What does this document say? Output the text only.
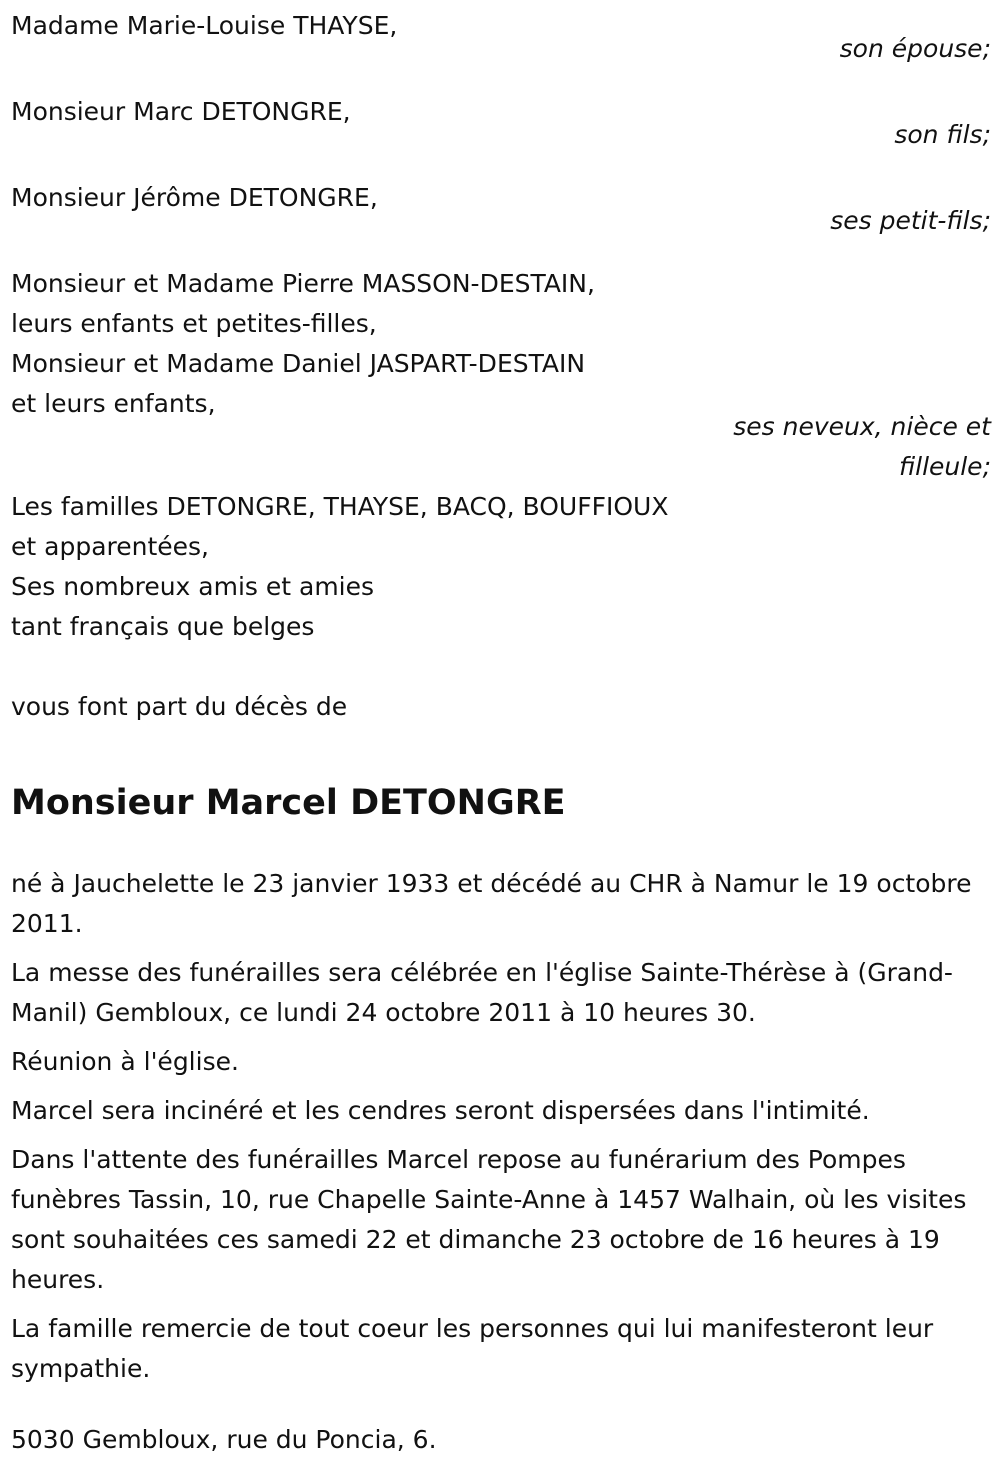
Madame Marie-Louise THAYSE,
son épouse;
Monsieur Marc DETONGRE,
son fils;
Monsieur Jérôme DETONGRE,
ses petit-fils;
Monsieur et Madame Pierre MASSON-DESTAIN,
leurs enfants et petites-filles,
Monsieur et Madame Daniel JASPART-DESTAIN
et leurs enfants,
ses neveux, nièce et
filleule;
Les familles DETONGRE, THAYSE, BACQ, BOUFFIOUX
et apparentées,
Ses nombreux amis et amies
tant français que belges
vous font part du décès de
Monsieur Marcel DETONGRE
né à Jauchelette le 23 janvier 1933 et décédé au CHR à Namur le 19 octobre 2011.
La messe des funérailles sera célébrée en l'église Sainte-Thérèse à (Grand-Manil) Gembloux, ce lundi 24 octobre 2011 à 10 heures 30.
Réunion à l'église.
Marcel sera incinéré et les cendres seront dispersées dans l'intimité.
Dans l'attente des funérailles Marcel repose au funérarium des Pompes funèbres Tassin, 10, rue Chapelle Sainte-Anne à 1457 Walhain, où les visites sont souhaitées ces samedi 22 et dimanche 23 octobre de 16 heures à 19 heures.
La famille remercie de tout coeur les personnes qui lui manifesteront leur sympathie.
5030 Gembloux, rue du Poncia, 6.
